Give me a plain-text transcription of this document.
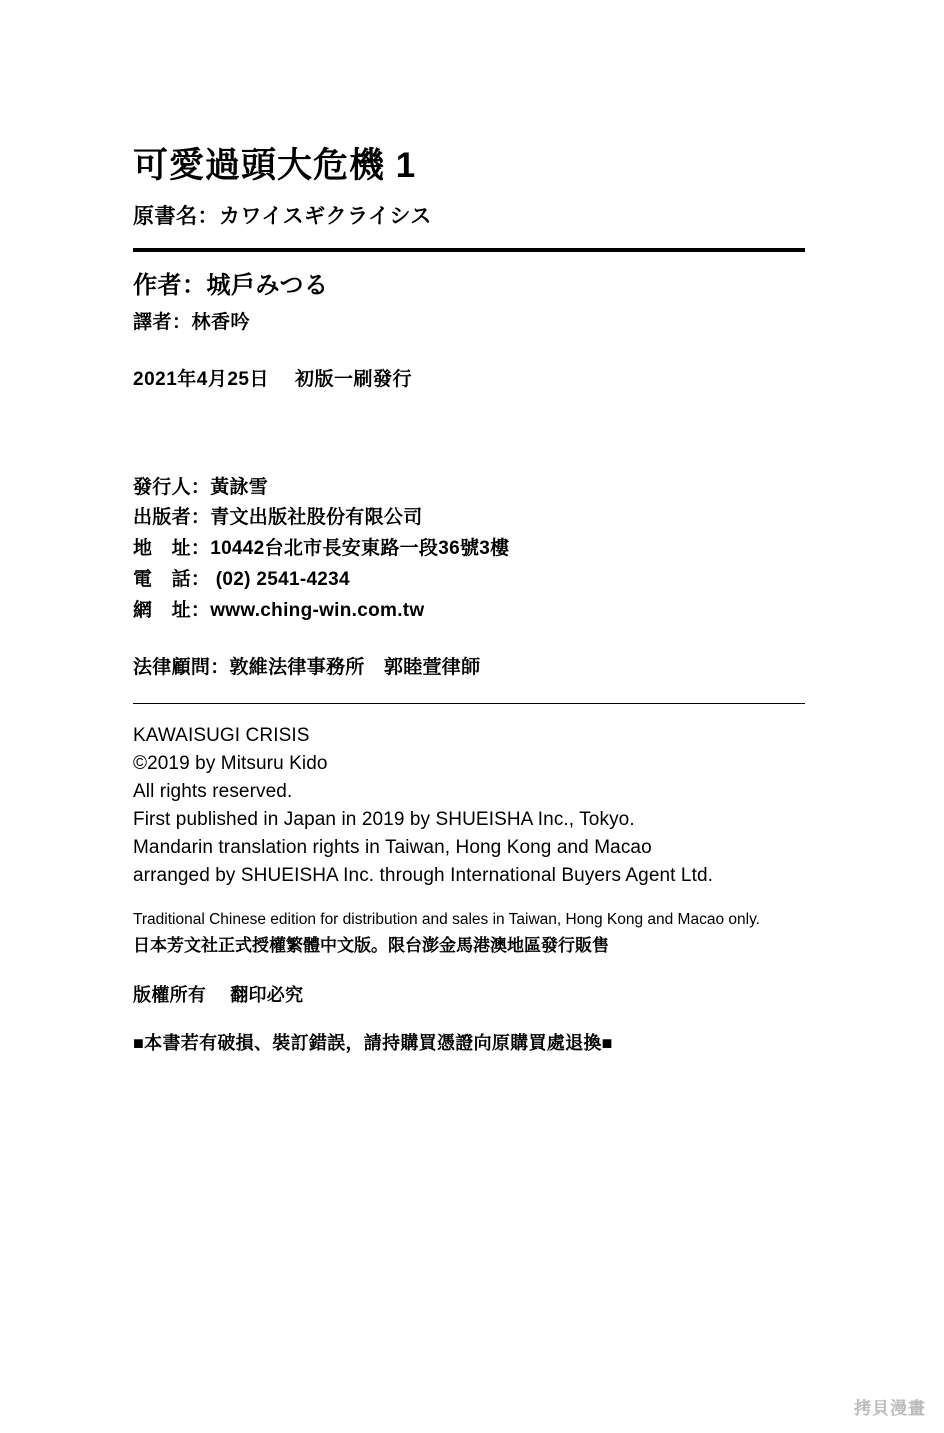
可愛過頭大危機 1
原書名：カワイスギクライシス
作者：城戶みつる
譯者：林香吟
2021年4月25日 初版一刷發行
發行人：黃詠雪
出版者：青文出版社股份有限公司
地　址：10442台北市長安東路一段36號3樓
電　話： (02) 2541-4234
網　址：www.ching-win.com.tw
法律顧問：敦維法律事務所　郭睦萱律師
KAWAISUGI CRISIS
©2019 by Mitsuru Kido
All rights reserved.
First published in Japan in 2019 by SHUEISHA Inc., Tokyo.
Mandarin translation rights in Taiwan, Hong Kong and Macao
arranged by SHUEISHA Inc. through International Buyers Agent Ltd.
Traditional Chinese edition for distribution and sales in Taiwan, Hong Kong and Macao only.
日本芳文社正式授權繁體中文版。限台澎金馬港澳地區發行販售
版權所有 翻印必究
■本書若有破損、裝訂錯誤，請持購買憑證向原購買處退換■
拷貝漫畫
